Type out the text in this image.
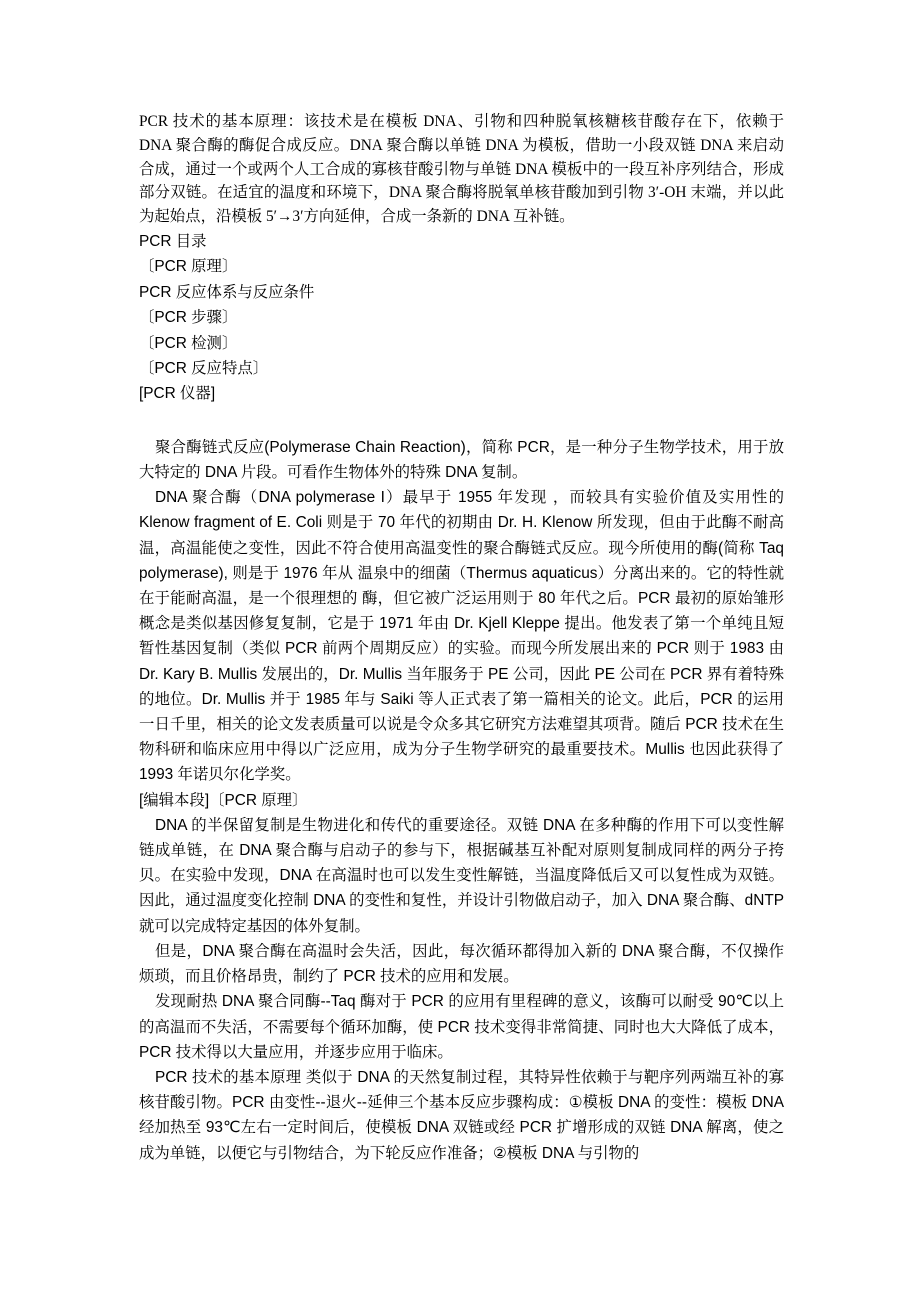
PCR 技术的基本原理：该技术是在模板 DNA、引物和四种脱氧核糖核苷酸存在下，依赖于 DNA 聚合酶的酶促合成反应。DNA 聚合酶以单链 DNA 为模板，借助一小段双链 DNA 来启动合成，通过一个或两个人工合成的寡核苷酸引物与单链 DNA 模板中的一段互补序列结合，形成部分双链。在适宜的温度和环境下，DNA 聚合酶将脱氧单核苷酸加到引物 3′-OH 末端，并以此为起始点，沿模板 5′→3′方向延伸，合成一条新的 DNA 互补链。

PCR 目录
〔PCR 原理〕
PCR 反应体系与反应条件
〔PCR 步骤〕
〔PCR 检测〕
〔PCR 反应特点〕
[PCR 仪器]

聚合酶链式反应(Polymerase Chain Reaction)，简称 PCR，是一种分子生物学技术，用于放大特定的 DNA 片段。可看作生物体外的特殊 DNA 复制。

DNA 聚合酶（DNA polymerase I）最早于 1955 年发现 ，而较具有实验价值及实用性的 Klenow fragment of E. Coli 则是于 70 年代的初期由 Dr. H. Klenow 所发现，但由于此酶不耐高温，高温能使之变性，因此不符合使用高温变性的聚合酶链式反应。现今所使用的酶(简称 Taq polymerase), 则是于 1976 年从 温泉中的细菌（Thermus aquaticus）分离出来的。它的特性就在于能耐高温，是一个很理想的 酶，但它被广泛运用则于 80 年代之后。PCR 最初的原始雏形概念是类似基因修复复制，它是于 1971 年由 Dr. Kjell Kleppe 提出。他发表了第一个单纯且短暂性基因复制（类似 PCR 前两个周期反应）的实验。而现今所发展出来的 PCR 则于 1983 由 Dr. Kary B. Mullis 发展出的，Dr. Mullis 当年服务于 PE 公司，因此 PE 公司在 PCR 界有着特殊的地位。Dr. Mullis 并于 1985 年与 Saiki 等人正式表了第一篇相关的论文。此后，PCR 的运用一日千里，相关的论文发表质量可以说是令众多其它研究方法难望其项背。随后 PCR 技术在生物科研和临床应用中得以广泛应用，成为分子生物学研究的最重要技术。Mullis 也因此获得了 1993 年诺贝尔化学奖。

[编辑本段]〔PCR 原理〕

DNA 的半保留复制是生物进化和传代的重要途径。双链 DNA 在多种酶的作用下可以变性解链成单链，在 DNA 聚合酶与启动子的参与下，根据碱基互补配对原则复制成同样的两分子挎贝。在实验中发现，DNA 在高温时也可以发生变性解链，当温度降低后又可以复性成为双链。因此，通过温度变化控制 DNA 的变性和复性，并设计引物做启动子，加入 DNA 聚合酶、dNTP 就可以完成特定基因的体外复制。

但是，DNA 聚合酶在高温时会失活，因此，每次循环都得加入新的 DNA 聚合酶，不仅操作烦琐，而且价格昂贵，制约了 PCR 技术的应用和发展。

发现耐热 DNA 聚合同酶--Taq 酶对于 PCR 的应用有里程碑的意义，该酶可以耐受 90℃以上的高温而不失活，不需要每个循环加酶，使 PCR 技术变得非常简捷、同时也大大降低了成本，PCR 技术得以大量应用，并逐步应用于临床。

PCR 技术的基本原理 类似于 DNA 的天然复制过程，其特异性依赖于与靶序列两端互补的寡核苷酸引物。PCR 由变性--退火--延伸三个基本反应步骤构成：①模板 DNA 的变性：模板 DNA 经加热至 93℃左右一定时间后，使模板 DNA 双链或经 PCR 扩增形成的双链 DNA 解离，使之成为单链，以便它与引物结合，为下轮反应作准备；②模板 DNA 与引物的
